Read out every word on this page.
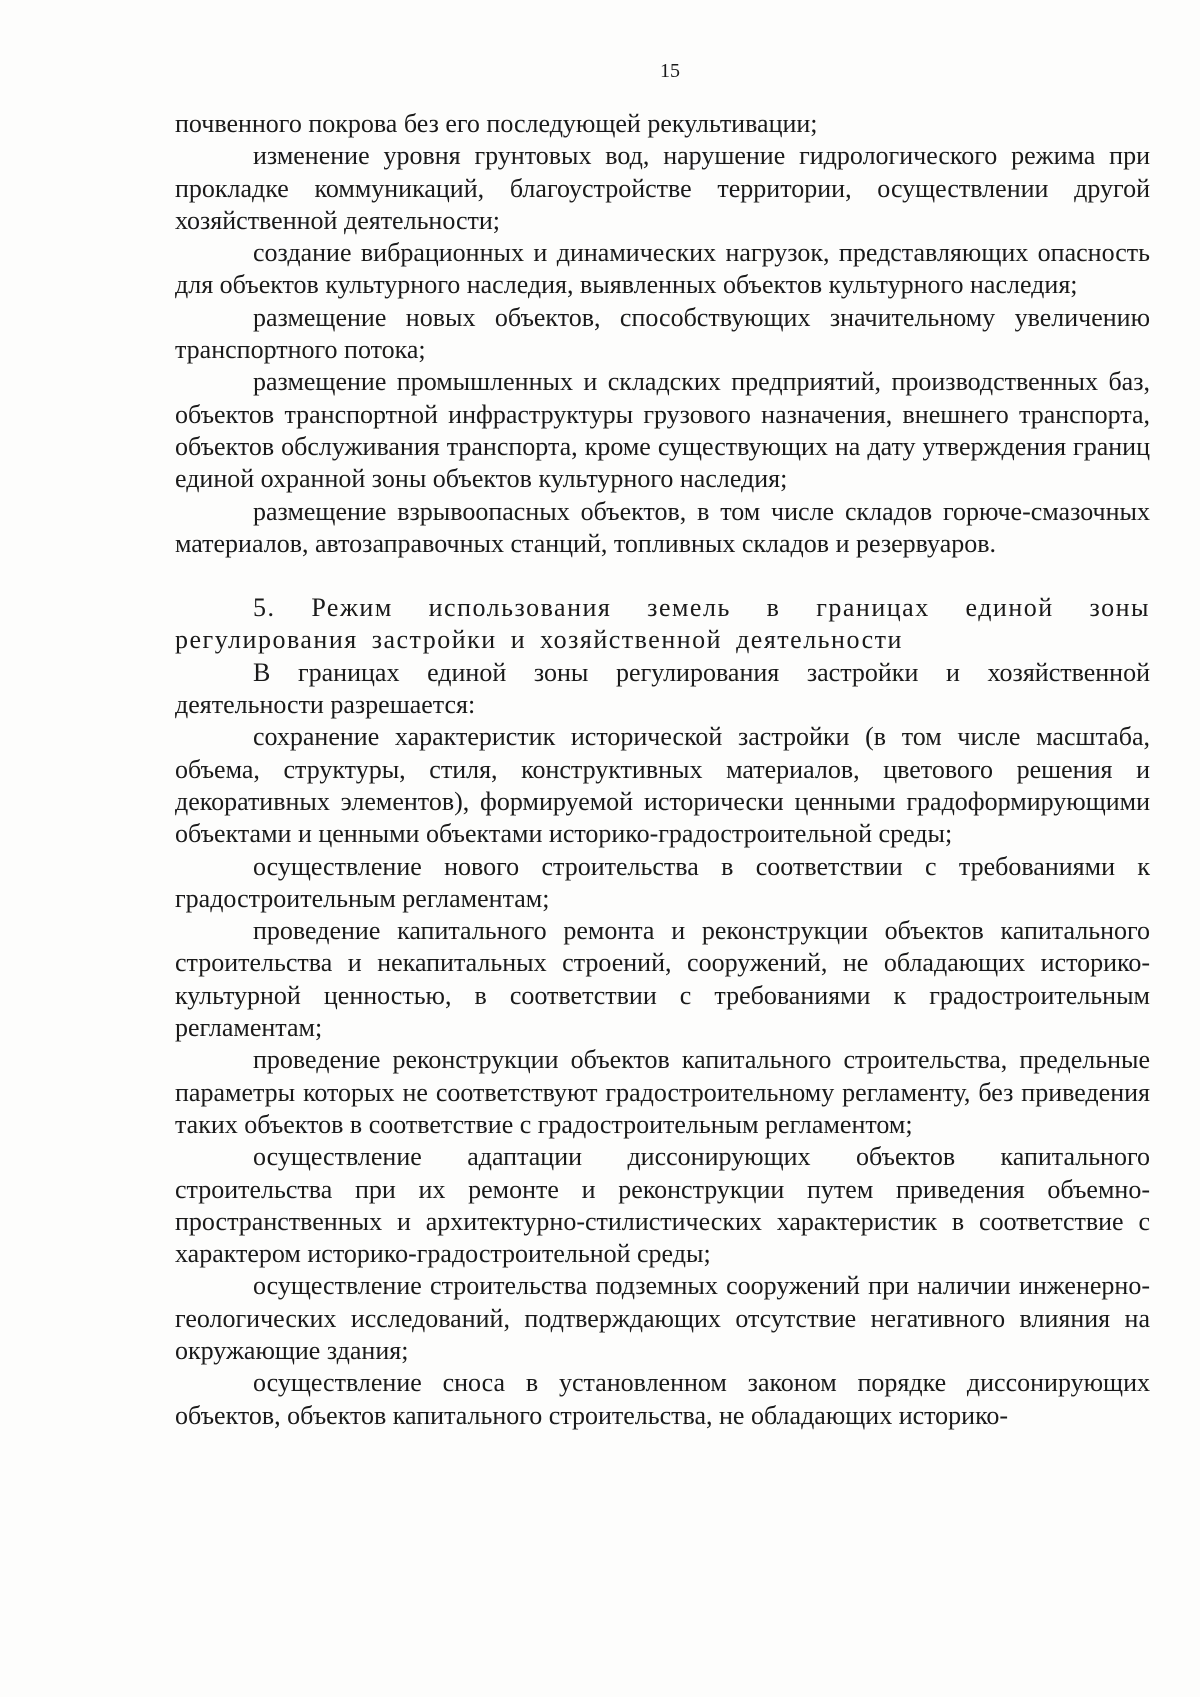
15

почвенного покрова без его последующей рекультивации;

изменение уровня грунтовых вод, нарушение гидрологического режима при прокладке коммуникаций, благоустройстве территории, осуществлении другой хозяйственной деятельности;

создание вибрационных и динамических нагрузок, представляющих опасность для объектов культурного наследия, выявленных объектов культурного наследия;

размещение новых объектов, способствующих значительному увеличению транспортного потока;

размещение промышленных и складских предприятий, производственных баз, объектов транспортной инфраструктуры грузового назначения, внешнего транспорта, объектов обслуживания транспорта, кроме существующих на дату утверждения границ единой охранной зоны объектов культурного наследия;

размещение взрывоопасных объектов, в том числе складов горюче-смазочных материалов, автозаправочных станций, топливных складов и резервуаров.

5. Режим использования земель в границах единой зоны регулирования застройки и хозяйственной деятельности

В границах единой зоны регулирования застройки и хозяйственной деятельности разрешается:

сохранение характеристик исторической застройки (в том числе масштаба, объема, структуры, стиля, конструктивных материалов, цветового решения и декоративных элементов), формируемой исторически ценными градоформирующими объектами и ценными объектами историко-градостроительной среды;

осуществление нового строительства в соответствии с требованиями к градостроительным регламентам;

проведение капитального ремонта и реконструкции объектов капитального строительства и некапитальных строений, сооружений, не обладающих историко-культурной ценностью, в соответствии с требованиями к градостроительным регламентам;

проведение реконструкции объектов капитального строительства, предельные параметры которых не соответствуют градостроительному регламенту, без приведения таких объектов в соответствие с градостроительным регламентом;

осуществление адаптации диссонирующих объектов капитального строительства при их ремонте и реконструкции путем приведения объемно-пространственных и архитектурно-стилистических характеристик в соответствие с характером историко-градостроительной среды;

осуществление строительства подземных сооружений при наличии инженерно-геологических исследований, подтверждающих отсутствие негативного влияния на окружающие здания;

осуществление сноса в установленном законом порядке диссонирующих объектов, объектов капитального строительства, не обладающих историко-
